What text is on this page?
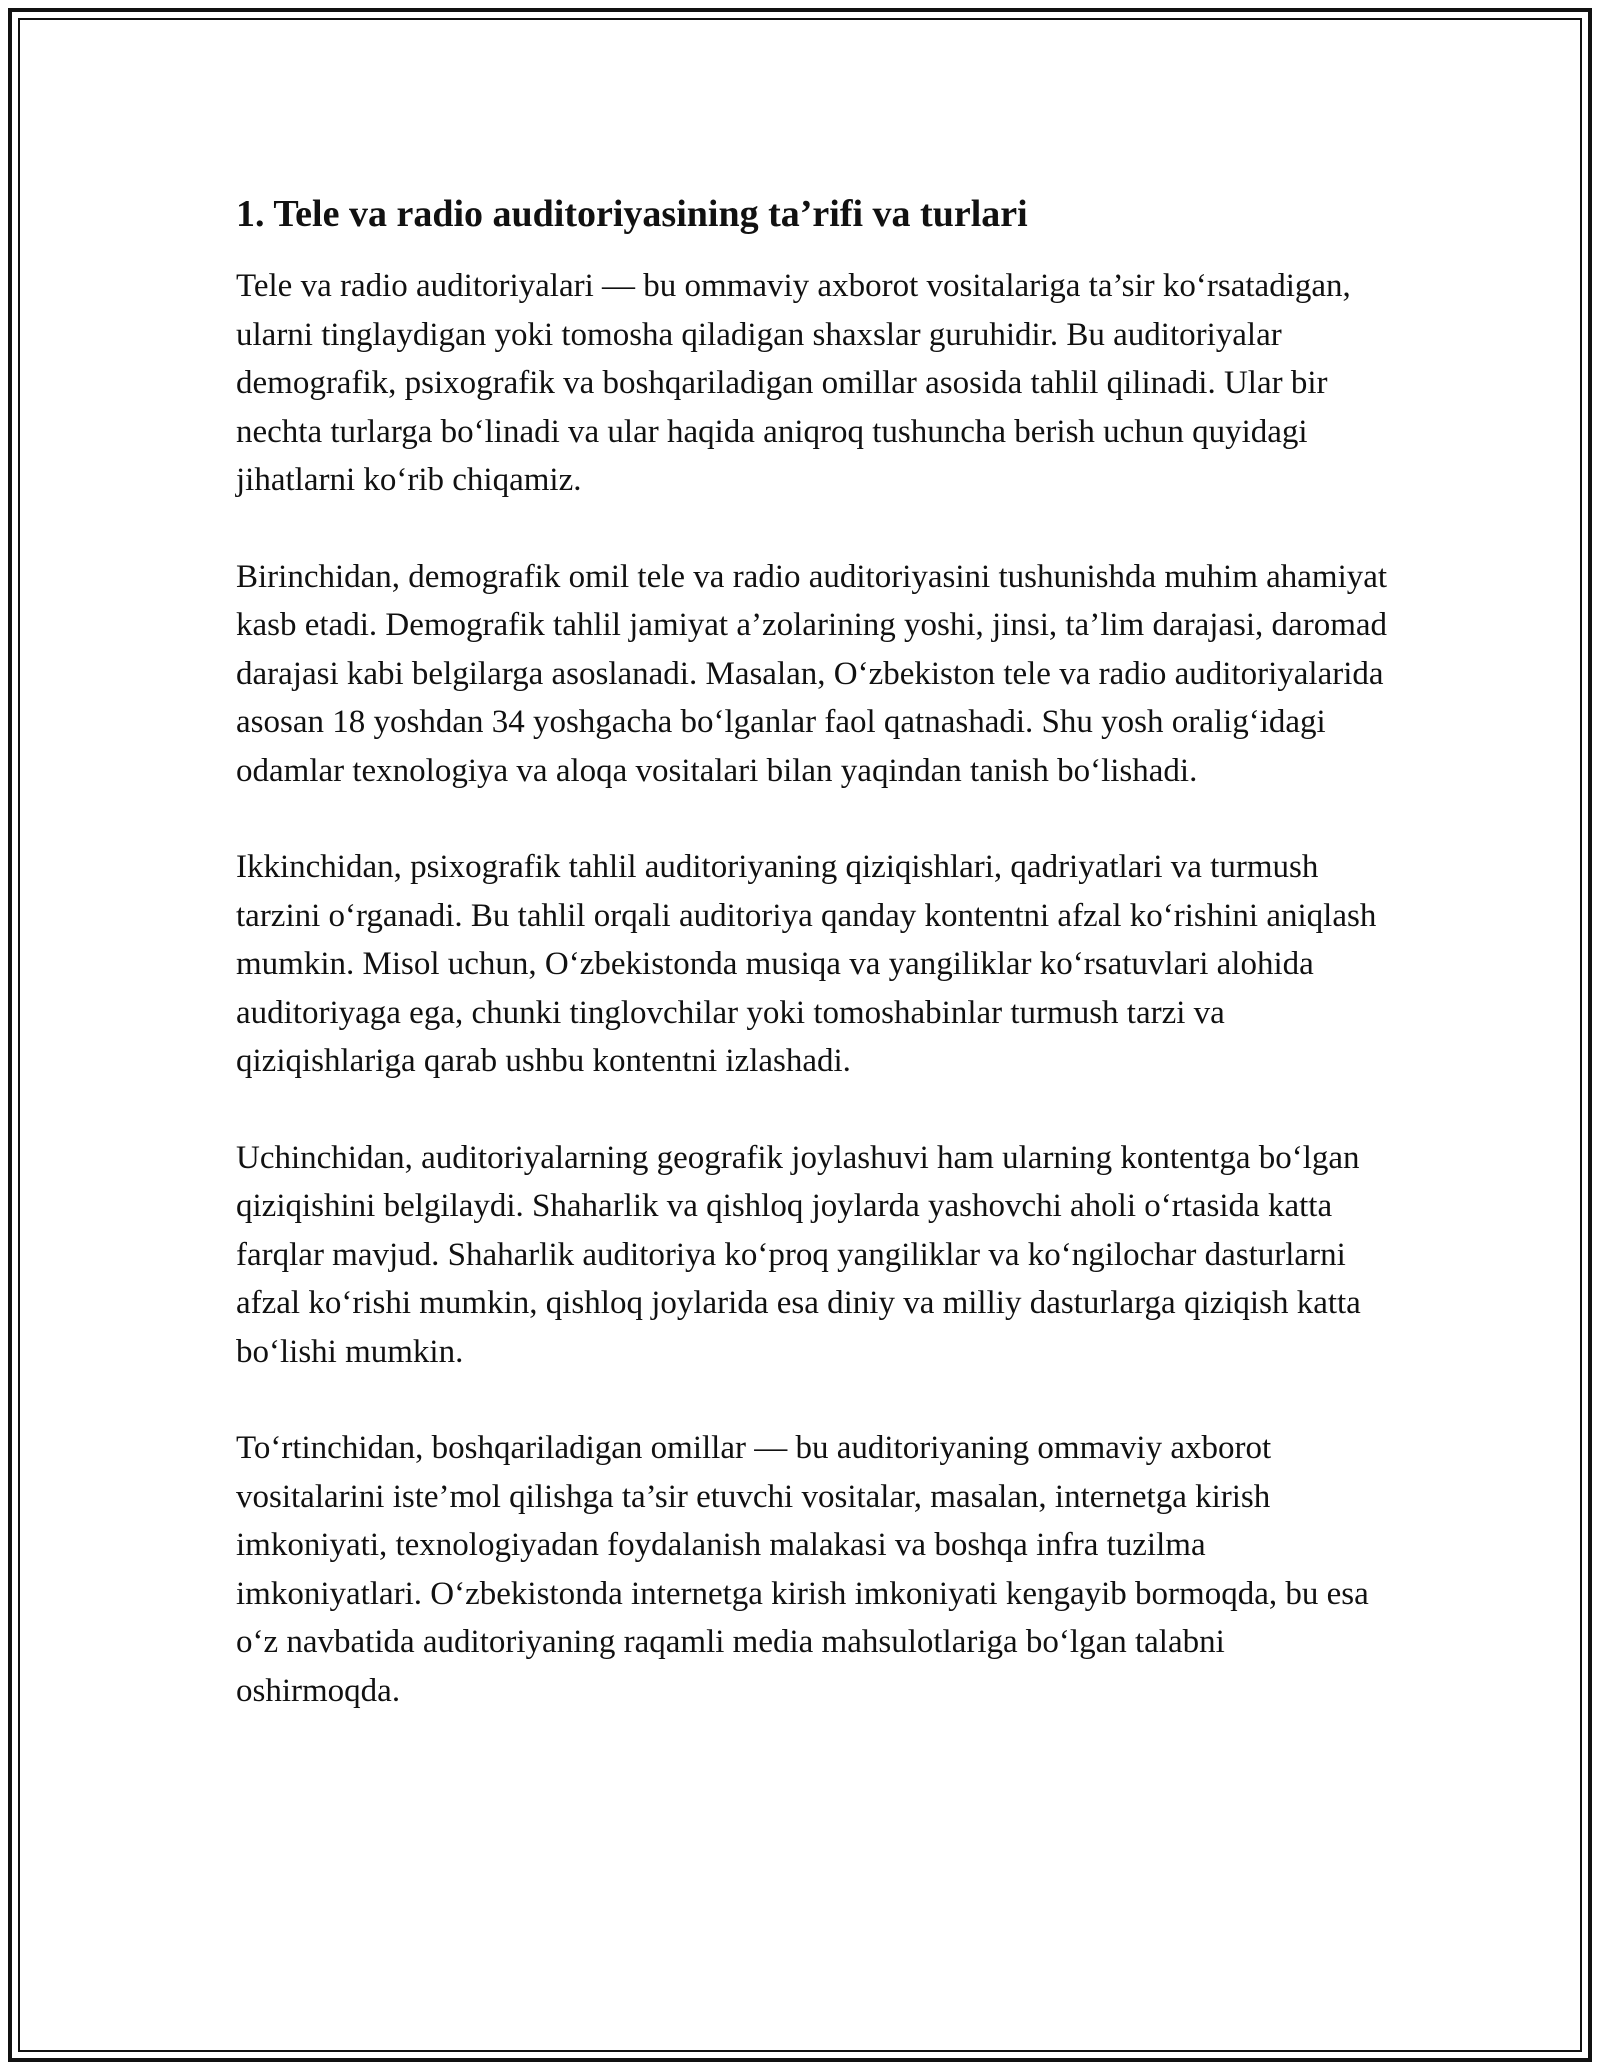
1. Tele va radio auditoriyasining ta’rifi va turlari

Tele va radio auditoriyalari — bu ommaviy axborot vositalariga ta’sir ko‘rsatadigan, ularni tinglaydigan yoki tomosha qiladigan shaxslar guruhidir. Bu auditoriyalar demografik, psixografik va boshqariladigan omillar asosida tahlil qilinadi. Ular bir nechta turlarga bo‘linadi va ular haqida aniqroq tushuncha berish uchun quyidagi jihatlarni ko‘rib chiqamiz.

Birinchidan, demografik omil tele va radio auditoriyasini tushunishda muhim ahamiyat kasb etadi. Demografik tahlil jamiyat a’zolarining yoshi, jinsi, ta’lim darajasi, daromad darajasi kabi belgilarga asoslanadi. Masalan, O‘zbekiston tele va radio auditoriyalarida asosan 18 yoshdan 34 yoshgacha bo‘lganlar faol qatnashadi. Shu yosh oralig‘idagi odamlar texnologiya va aloqa vositalari bilan yaqindan tanish bo‘lishadi.

Ikkinchidan, psixografik tahlil auditoriyaning qiziqishlari, qadriyatlari va turmush tarzini o‘rganadi. Bu tahlil orqali auditoriya qanday kontentni afzal ko‘rishini aniqlash mumkin. Misol uchun, O‘zbekistonda musiqa va yangiliklar ko‘rsatuvlari alohida auditoriyaga ega, chunki tinglovchilar yoki tomoshabinlar turmush tarzi va qiziqishlariga qarab ushbu kontentni izlashadi.

Uchinchidan, auditoriyalarning geografik joylashuvi ham ularning kontentga bo‘lgan qiziqishini belgilaydi. Shaharlik va qishloq joylarda yashovchi aholi o‘rtasida katta farqlar mavjud. Shaharlik auditoriya ko‘proq yangiliklar va ko‘ngilochar dasturlarni afzal ko‘rishi mumkin, qishloq joylarida esa diniy va milliy dasturlarga qiziqish katta bo‘lishi mumkin.

To‘rtinchidan, boshqariladigan omillar — bu auditoriyaning ommaviy axborot vositalarini iste’mol qilishga ta’sir etuvchi vositalar, masalan, internetga kirish imkoniyati, texnologiyadan foydalanish malakasi va boshqa infra tuzilma imkoniyatlari. O‘zbekistonda internetga kirish imkoniyati kengayib bormoqda, bu esa o‘z navbatida auditoriyaning raqamli media mahsulotlariga bo‘lgan talabni oshirmoqda.
